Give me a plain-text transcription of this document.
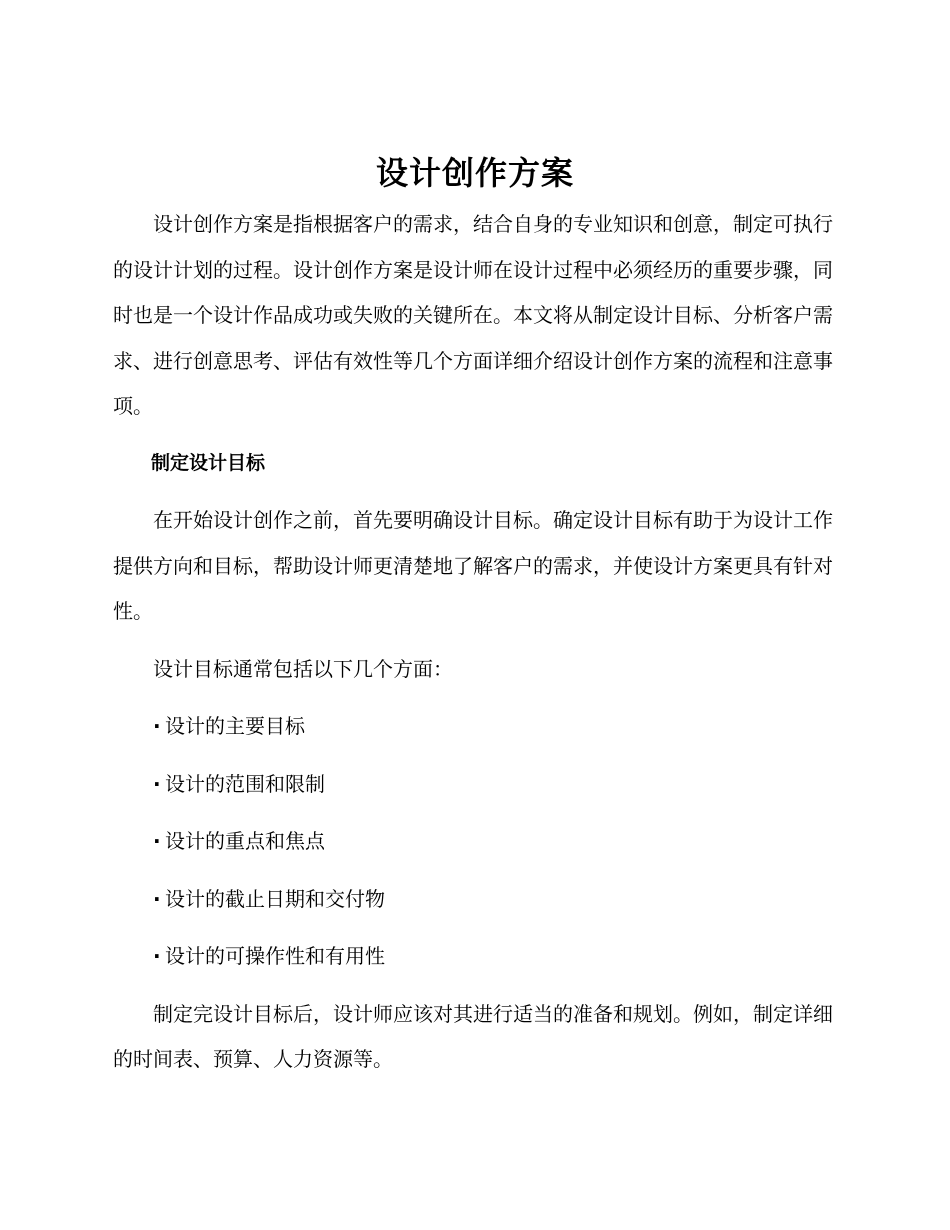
设计创作方案

设计创作方案是指根据客户的需求，结合自身的专业知识和创意，制定可执行的设计计划的过程。设计创作方案是设计师在设计过程中必须经历的重要步骤，同时也是一个设计作品成功或失败的关键所在。本文将从制定设计目标、分析客户需求、进行创意思考、评估有效性等几个方面详细介绍设计创作方案的流程和注意事项。

制定设计目标

在开始设计创作之前，首先要明确设计目标。确定设计目标有助于为设计工作提供方向和目标，帮助设计师更清楚地了解客户的需求，并使设计方案更具有针对性。

设计目标通常包括以下几个方面：

· 设计的主要目标

· 设计的范围和限制

· 设计的重点和焦点

· 设计的截止日期和交付物

· 设计的可操作性和有用性

制定完设计目标后，设计师应该对其进行适当的准备和规划。例如，制定详细的时间表、预算、人力资源等。
